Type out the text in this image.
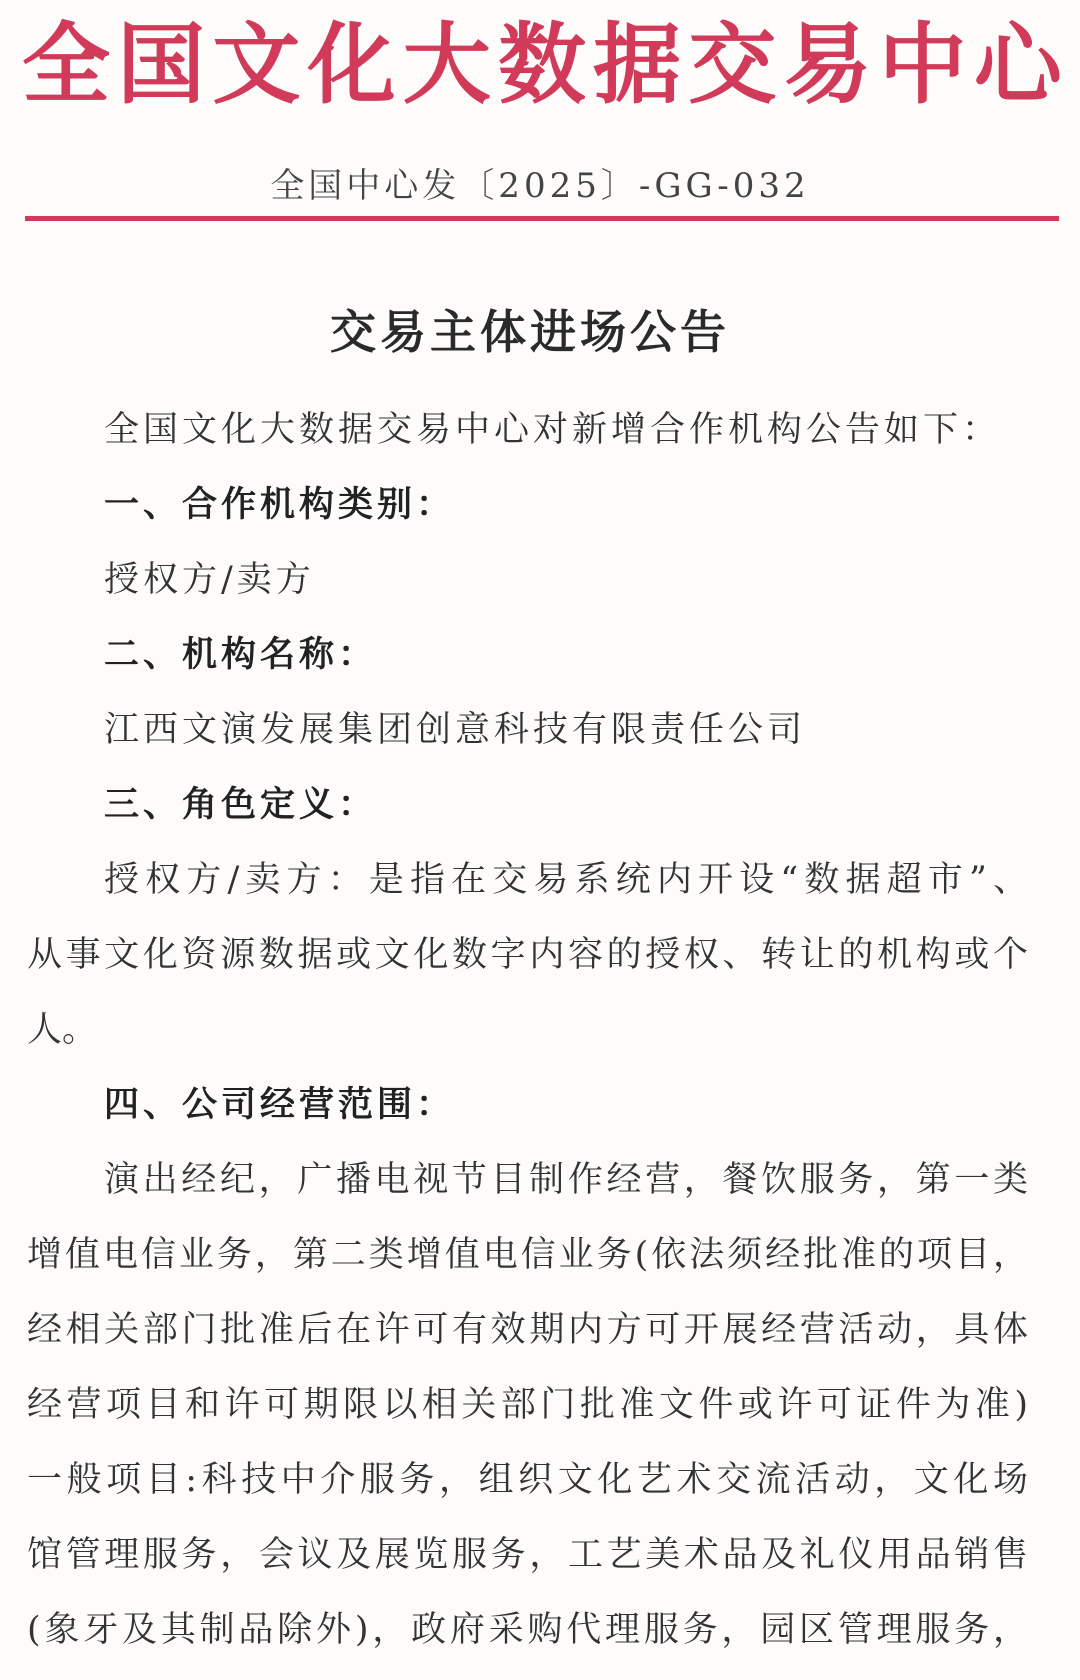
全 国 文 化 大 数 据 交 易 中 心
全国中心发〔2025〕-GG-032
交易主体进场公告
全国文化大数据交易中心对新增合作机构公告如下：
一、合作机构类别：
授权方/卖方
二、机构名称：
江西文演发展集团创意科技有限责任公司
三、角色定义：
授权方/卖方：是指在交易系统内开设“数据超市”、
从事文化资源数据或文化数字内容的授权、转让的机构或个
人。
四、公司经营范围：
演出经纪，广播电视节目制作经营，餐饮服务，第一类
增值电信业务，第二类增值电信业务(依法须经批准的项目，
经相关部门批准后在许可有效期内方可开展经营活动，具体
经营项目和许可期限以相关部门批准文件或许可证件为准)
一般项目:科技中介服务，组织文化艺术交流活动，文化场
馆管理服务，会议及展览服务，工艺美术品及礼仪用品销售
(象牙及其制品除外)，政府采购代理服务，园区管理服务，
